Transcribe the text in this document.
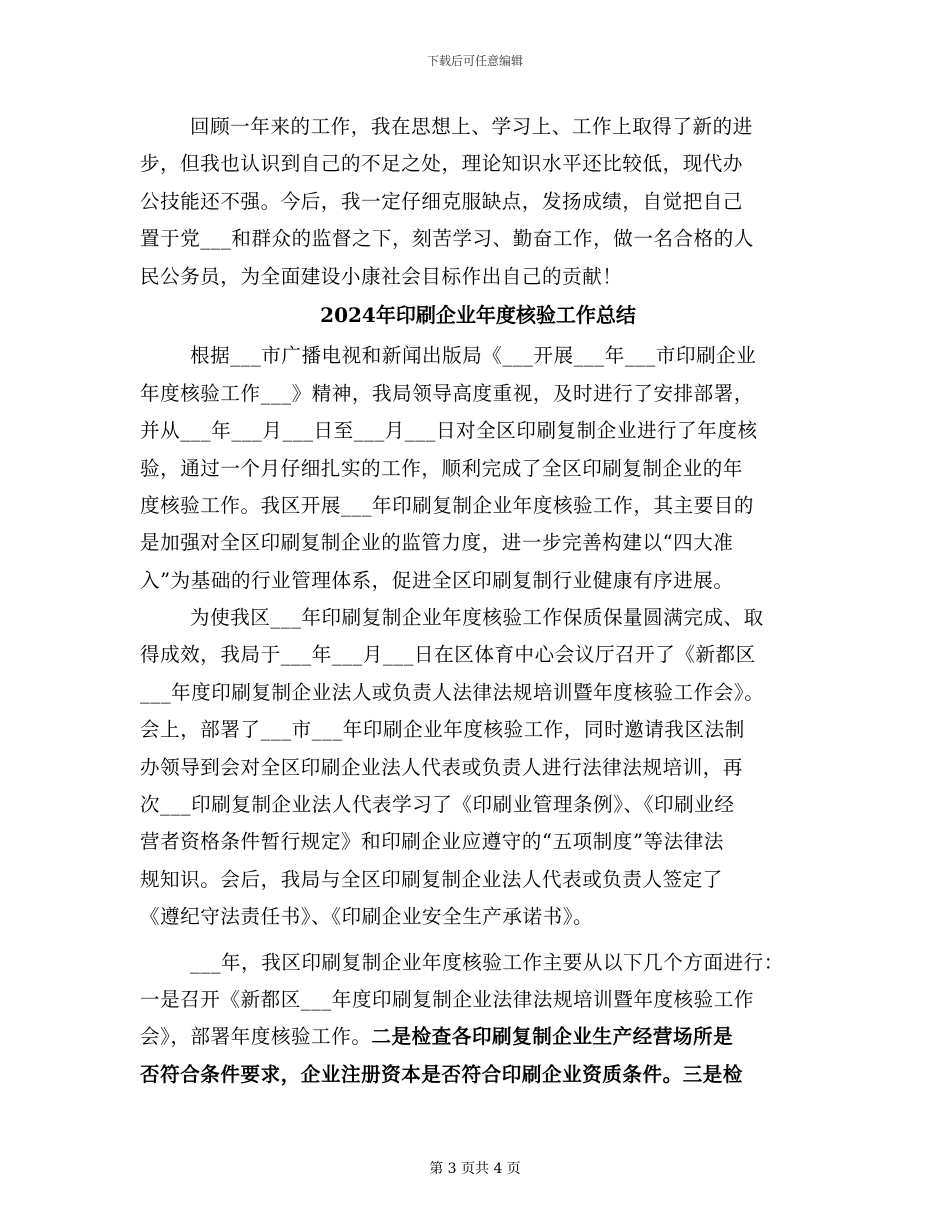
下载后可任意编辑

回顾一年来的工作，我在思想上、学习上、工作上取得了新的进
步，但我也认识到自己的不足之处，理论知识水平还比较低，现代办
公技能还不强。今后，我一定仔细克服缺点，发扬成绩，自觉把自己
置于党___和群众的监督之下，刻苦学习、勤奋工作，做一名合格的人
民公务员，为全面建设小康社会目标作出自己的贡献！

2024年印刷企业年度核验工作总结

根据___市广播电视和新闻出版局《___开展___年___市印刷企业
年度核验工作___》精神，我局领导高度重视，及时进行了安排部署，
并从___年___月___日至___月___日对全区印刷复制企业进行了年度核
验，通过一个月仔细扎实的工作，顺利完成了全区印刷复制企业的年
度核验工作。我区开展___年印刷复制企业年度核验工作，其主要目的
是加强对全区印刷复制企业的监管力度，进一步完善构建以“四大准
入”为基础的行业管理体系，促进全区印刷复制行业健康有序进展。

为使我区___年印刷复制企业年度核验工作保质保量圆满完成、取
得成效，我局于___年___月___日在区体育中心会议厅召开了《新都区
___年度印刷复制企业法人或负责人法律法规培训暨年度核验工作会》。
会上，部署了___市___年印刷企业年度核验工作，同时邀请我区法制
办领导到会对全区印刷企业法人代表或负责人进行法律法规培训，再
次___印刷复制企业法人代表学习了《印刷业管理条例》、《印刷业经
营者资格条件暂行规定》和印刷企业应遵守的“五项制度”等法律法
规知识。会后，我局与全区印刷复制企业法人代表或负责人签定了
《遵纪守法责任书》、《印刷企业安全生产承诺书》。

___年，我区印刷复制企业年度核验工作主要从以下几个方面进行：
一是召开《新都区___年度印刷复制企业法律法规培训暨年度核验工作
会》，部署年度核验工作。二是检查各印刷复制企业生产经营场所是
否符合条件要求，企业注册资本是否符合印刷企业资质条件。三是检

第 3 页共 4 页
